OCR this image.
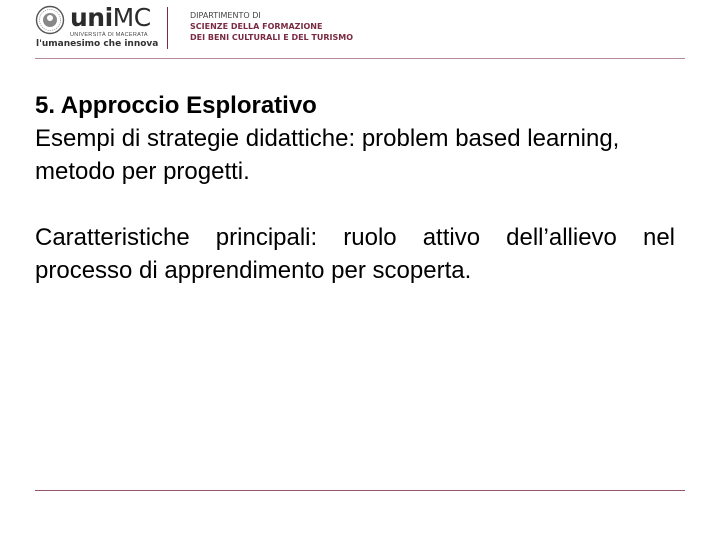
uniMC
UNIVERSITÀ DI MACERATA
l'umanesimo che innova
DIPARTIMENTO DI
SCIENZE DELLA FORMAZIONE
DEI BENI CULTURALI E DEL TURISMO

5. Approccio Esplorativo

Esempi di strategie didattiche: problem based learning, metodo per progetti.

Caratteristiche principali: ruolo attivo dell’allievo nel processo di apprendimento per scoperta.
